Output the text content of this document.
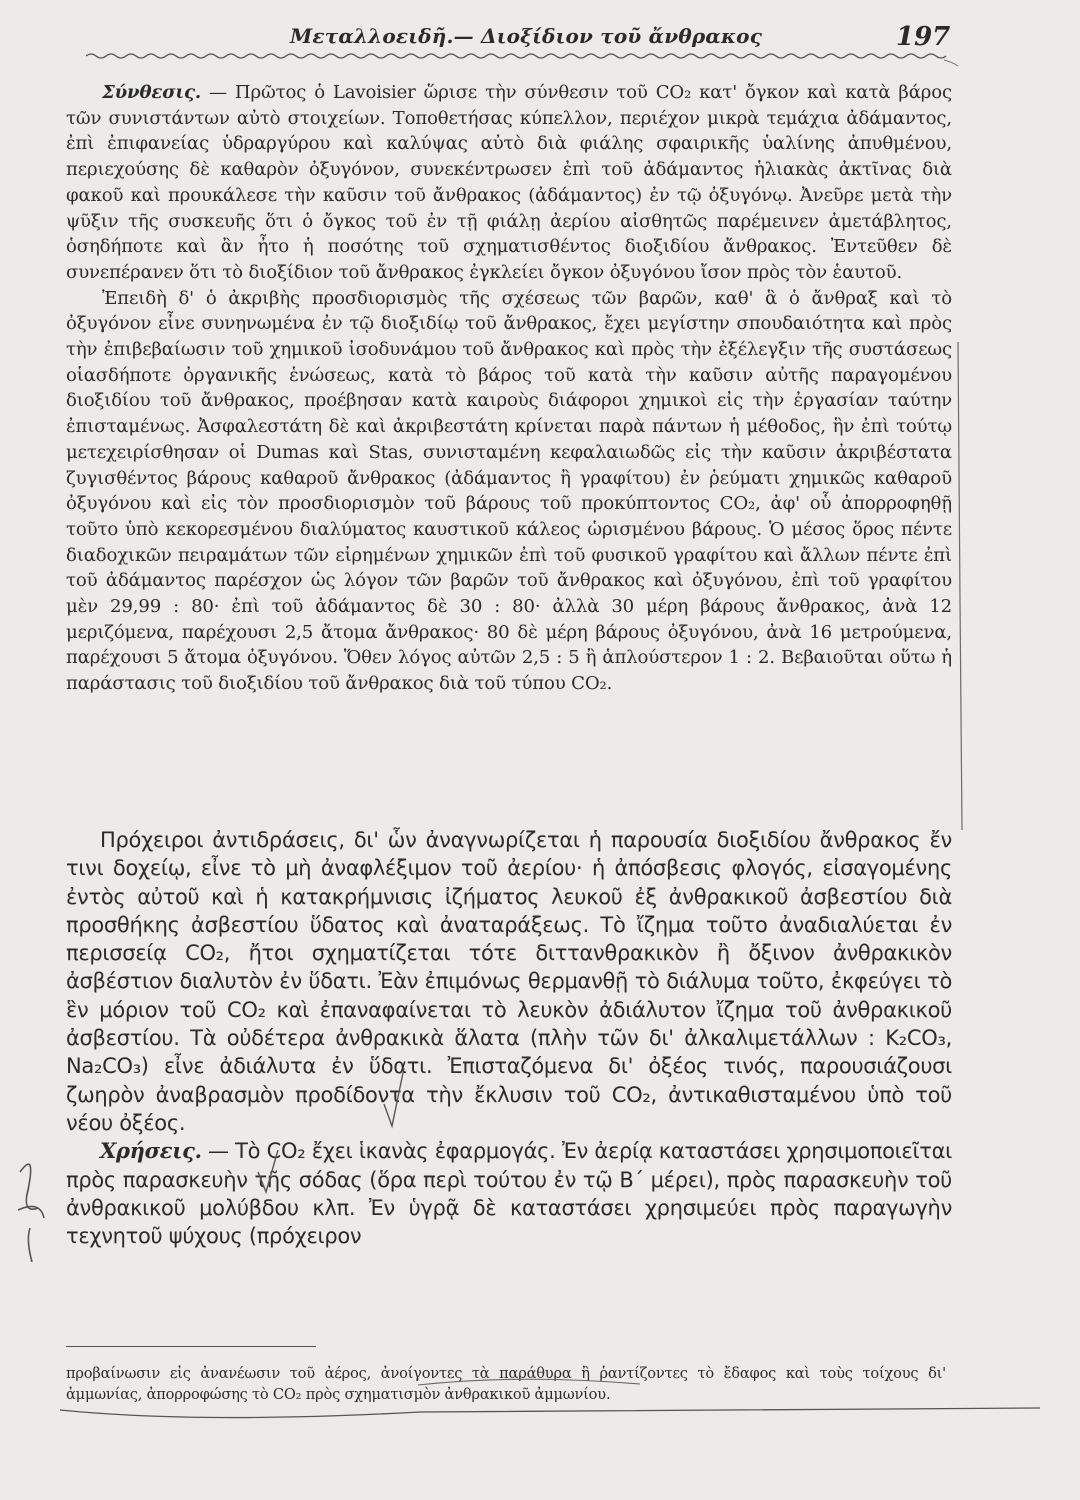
Μεταλλοειδῆ.— Διοξίδιον τοῦ ἄνθρακος	197

Σύνθεσις. — Πρῶτος ὁ Lavoisier ὥρισε τὴν σύνθεσιν τοῦ CO₂ κατ' ὄγκον καὶ κατὰ βάρος τῶν συνιστάντων αὐτὸ στοιχείων. Τοποθετήσας κύπελλον, περιέχον μικρὰ τεμάχια ἀδάμαντος, ἐπὶ ἐπιφανείας ὑδραργύρου καὶ καλύψας αὐτὸ διὰ φιάλης σφαιρικῆς ὑαλίνης ἀπυθμένου, περιεχούσης δὲ καθαρὸν ὀξυγόνον, συνεκέντρωσεν ἐπὶ τοῦ ἀδάμαντος ἡλιακὰς ἀκτῖνας διὰ φακοῦ καὶ προυκάλεσε τὴν καῦσιν τοῦ ἄνθρακος (ἀδάμαντος) ἐν τῷ ὀξυγόνῳ. Ἀνεῦρε μετὰ τὴν ψῦξιν τῆς συσκευῆς ὅτι ὁ ὄγκος τοῦ ἐν τῇ φιάλῃ ἀερίου αἰσθητῶς παρέμεινεν ἀμετάβλητος, ὁσηδήποτε καὶ ἂν ἦτο ἡ ποσότης τοῦ σχηματισθέντος διοξιδίου ἄνθρακος. Ἐντεῦθεν δὲ συνεπέρανεν ὅτι τὸ διοξίδιον τοῦ ἄνθρακος ἐγκλείει ὄγκον ὀξυγόνου ἴσον πρὸς τὸν ἑαυτοῦ.

Ἐπειδὴ δ' ὁ ἀκριβὴς προσδιορισμὸς τῆς σχέσεως τῶν βαρῶν, καθ' ἃ ὁ ἄνθραξ καὶ τὸ ὀξυγόνον εἶνε συνηνωμένα ἐν τῷ διοξιδίῳ τοῦ ἄνθρακος, ἔχει μεγίστην σπουδαιότητα καὶ πρὸς τὴν ἐπιβεβαίωσιν τοῦ χημικοῦ ἰσοδυνάμου τοῦ ἄνθρακος καὶ πρὸς τὴν ἐξέλεγξιν τῆς συστάσεως οἱασδήποτε ὀργανικῆς ἑνώσεως, κατὰ τὸ βάρος τοῦ κατὰ τὴν καῦσιν αὐτῆς παραγομένου διοξιδίου τοῦ ἄνθρακος, προέβησαν κατὰ καιροὺς διάφοροι χημικοὶ εἰς τὴν ἐργασίαν ταύτην ἐπισταμένως. Ἀσφαλεστάτη δὲ καὶ ἀκριβεστάτη κρίνεται παρὰ πάντων ἡ μέθοδος, ἣν ἐπὶ τούτῳ μετεχειρίσθησαν οἱ Dumas καὶ Stas, συνισταμένη κεφαλαιωδῶς εἰς τὴν καῦσιν ἀκριβέστατα ζυγισθέντος βάρους καθαροῦ ἄνθρακος (ἀδάμαντος ἢ γραφίτου) ἐν ῥεύματι χημικῶς καθαροῦ ὀξυγόνου καὶ εἰς τὸν προσδιορισμὸν τοῦ βάρους τοῦ προκύπτοντος CO₂, ἀφ' οὗ ἀπορροφηθῇ τοῦτο ὑπὸ κεκορεσμένου διαλύματος καυστικοῦ κάλεος ὡρισμένου βάρους. Ὁ μέσος ὅρος πέντε διαδοχικῶν πειραμάτων τῶν εἰρημένων χημικῶν ἐπὶ τοῦ φυσικοῦ γραφίτου καὶ ἄλλων πέντε ἐπὶ τοῦ ἀδάμαντος παρέσχον ὡς λόγον τῶν βαρῶν τοῦ ἄνθρακος καὶ ὀξυγόνου, ἐπὶ τοῦ γραφίτου μὲν 29,99 : 80· ἐπὶ τοῦ ἀδάμαντος δὲ 30 : 80· ἀλλὰ 30 μέρη βάρους ἄνθρακος, ἀνὰ 12 μεριζόμενα, παρέχουσι 2,5 ἄτομα ἄνθρακος· 80 δὲ μέρη βάρους ὀξυγόνου, ἀνὰ 16 μετρούμενα, παρέχουσι 5 ἄτομα ὀξυγόνου. Ὅθεν λόγος αὐτῶν 2,5 : 5 ἢ ἁπλούστερον 1 : 2. Βεβαιοῦται οὕτω ἡ παράστασις τοῦ διοξιδίου τοῦ ἄνθρακος διὰ τοῦ τύπου CO₂.

Πρόχειροι ἀντιδράσεις, δι' ὧν ἀναγνωρίζεται ἡ παρουσία διοξιδίου ἄνθρακος ἔν τινι δοχείῳ, εἶνε τὸ μὴ ἀναφλέξιμον τοῦ ἀερίου· ἡ ἀπόσβεσις φλογός, εἰσαγομένης ἐντὸς αὐτοῦ καὶ ἡ κατακρήμνισις ἰζήματος λευκοῦ ἐξ ἀνθρακικοῦ ἀσβεστίου διὰ προσθήκης ἀσβεστίου ὕδατος καὶ ἀναταράξεως. Τὸ ἴζημα τοῦτο ἀναδιαλύεται ἐν περισσείᾳ CO₂, ἤτοι σχηματίζεται τότε διττανθρακικὸν ἢ ὄξινον ἀνθρακικὸν ἀσβέστιον διαλυτὸν ἐν ὕδατι. Ἐὰν ἐπιμόνως θερμανθῇ τὸ διάλυμα τοῦτο, ἐκφεύγει τὸ ἓν μόριον τοῦ CO₂ καὶ ἐπαναφαίνεται τὸ λευκὸν ἀδιάλυτον ἴζημα τοῦ ἀνθρακικοῦ ἀσβεστίου. Τὰ οὐδέτερα ἀνθρακικὰ ἅλατα (πλὴν τῶν δι' ἀλκαλιμετάλλων : K₂CO₃, Na₂CO₃) εἶνε ἀδιάλυτα ἐν ὕδατι. Ἐπισταζόμενα δι' ὀξέος τινός, παρουσιάζουσι ζωηρὸν ἀναβρασμὸν προδίδοντα τὴν ἔκλυσιν τοῦ CO₂, ἀντικαθισταμένου ὑπὸ τοῦ νέου ὀξέος.

Χρήσεις. — Τὸ CO₂ ἔχει ἱκανὰς ἐφαρμογάς. Ἐν ἀερίᾳ καταστάσει χρησιμοποιεῖται πρὸς παρασκευὴν τῆς σόδας (ὅρα περὶ τούτου ἐν τῷ Β΄ μέρει), πρὸς παρασκευὴν τοῦ ἀνθρακικοῦ μολύβδου κλπ. Ἐν ὑγρᾷ δὲ καταστάσει χρησιμεύει πρὸς παραγωγὴν τεχνητοῦ ψύχους (πρόχειρον

προβαίνωσιν εἰς ἀνανέωσιν τοῦ ἀέρος, ἀνοίγοντες τὰ παράθυρα ἢ ῥαντίζοντες τὸ ἔδαφος καὶ τοὺς τοίχους δι' ἀμμωνίας, ἀπορροφώσης τὸ CO₂ πρὸς σχηματισμὸν ἀνθρακικοῦ ἀμμωνίου.
